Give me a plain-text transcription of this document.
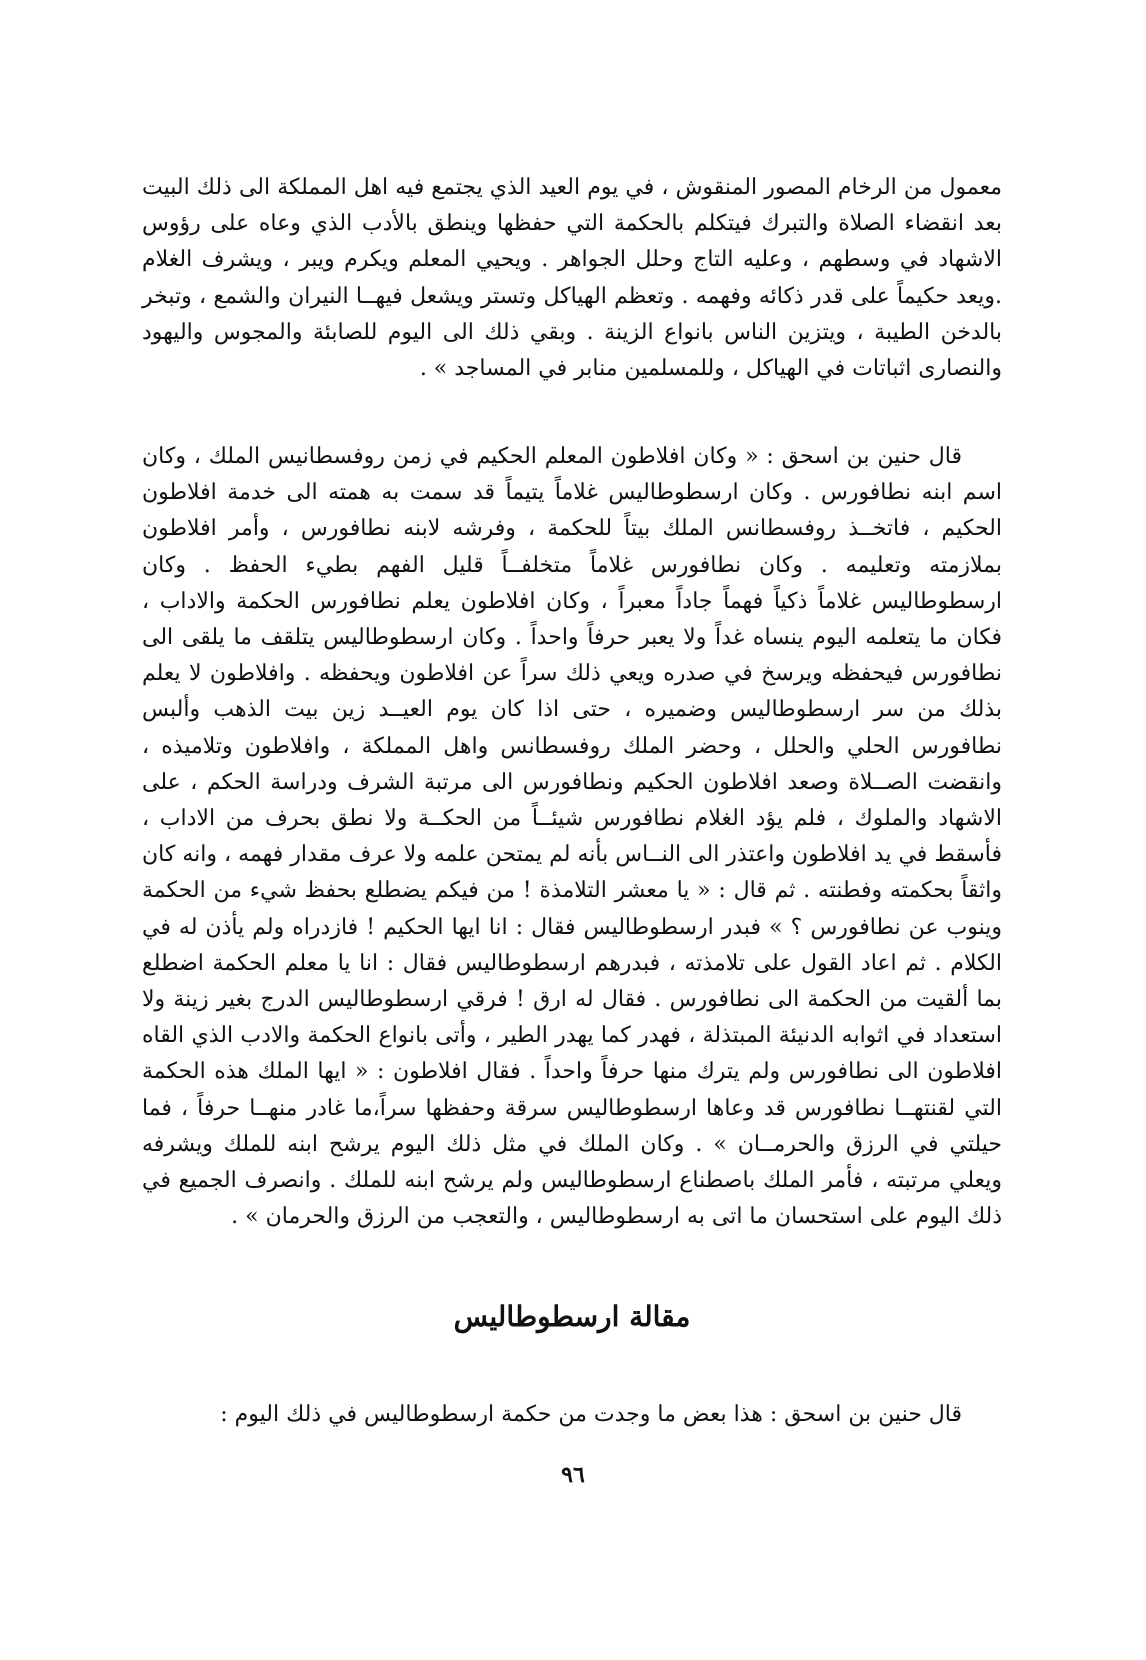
معمول من الرخام المصور المنقوش ، في يوم العيد الذي يجتمع فيه اهل المملكة الى ذلك البيت بعد انقضاء الصلاة والتبرك فيتكلم بالحكمة التي حفظها وينطق بالأدب الذي وعاه على رؤوس الاشهاد في وسطهم ، وعليه التاج وحلل الجواهر . ويحيي المعلم ويكرم ويبر ، ويشرف الغلام .ويعد حكيماً على قدر ذكائه وفهمه . وتعظم الهياكل وتستر ويشعل فيهــا النيران والشمع ، وتبخر بالدخن الطيبة ، ويتزين الناس بانواع الزينة . وبقي ذلك الى اليوم للصابئة والمجوس واليهود والنصارى اثباتات في الهياكل ، وللمسلمين منابر في المساجد » .
قال حنين بن اسحق : « وكان افلاطون المعلم الحكيم في زمن روفسطانيس الملك ، وكان اسم ابنه نطافورس . وكان ارسطوطاليس غلاماً يتيماً قد سمت به همته الى خدمة افلاطون الحكيم ، فاتخــذ روفسطانس الملك بيتاً للحكمة ، وفرشه لابنه نطافورس ، وأمر افلاطون بملازمته وتعليمه . وكان نطافورس غلاماً متخلفــاً قليل الفهم بطيء الحفظ . وكان ارسطوطاليس غلاماً ذكياً فهماً جاداً معبراً ، وكان افلاطون يعلم نطافورس الحكمة والاداب ، فكان ما يتعلمه اليوم ينساه غداً ولا يعبر حرفاً واحداً . وكان ارسطوطاليس يتلقف ما يلقى الى نطافورس فيحفظه ويرسخ في صدره ويعي ذلك سراً عن افلاطون ويحفظه . وافلاطون لا يعلم بذلك من سر ارسطوطاليس وضميره ، حتى اذا كان يوم العيــد زين بيت الذهب وألبس نطافورس الحلي والحلل ، وحضر الملك روفسطانس واهل المملكة ، وافلاطون وتلاميذه ، وانقضت الصــلاة وصعد افلاطون الحكيم ونطافورس الى مرتبة الشرف ودراسة الحكم ، على الاشهاد والملوك ، فلم يؤد الغلام نطافورس شيئــاً من الحكــة ولا نطق بحرف من الاداب ، فأسقط في يد افلاطون واعتذر الى النــاس بأنه لم يمتحن علمه ولا عرف مقدار فهمه ، وانه كان واثقاً بحكمته وفطنته . ثم قال : « يا معشر التلامذة ! من فيكم يضطلع بحفظ شيء من الحكمة وينوب عن نطافورس ؟ » فبدر ارسطوطاليس فقال : انا ايها الحكيم ! فازدراه ولم يأذن له في الكلام . ثم اعاد القول على تلامذته ، فبدرهم ارسطوطاليس فقال : انا يا معلم الحكمة اضطلع بما ألقيت من الحكمة الى نطافورس . فقال له ارق ! فرقي ارسطوطاليس الدرج بغير زينة ولا استعداد في اثوابه الدنيئة المبتذلة ، فهدر كما يهدر الطير ، وأتى بانواع الحكمة والادب الذي القاه افلاطون الى نطافورس ولم يترك منها حرفاً واحداً . فقال افلاطون : « ايها الملك هذه الحكمة التي لقنتهــا نطافورس قد وعاها ارسطوطاليس سرقة وحفظها سراً،ما غادر منهــا حرفاً ، فما حيلتي في الرزق والحرمــان » . وكان الملك في مثل ذلك اليوم يرشح ابنه للملك ويشرفه ويعلي مرتبته ، فأمر الملك باصطناع ارسطوطاليس ولم يرشح ابنه للملك . وانصرف الجميع في ذلك اليوم على استحسان ما اتى به ارسطوطاليس ، والتعجب من الرزق والحرمان » .
مقالة ارسطوطاليس
قال حنين بن اسحق : هذا بعض ما وجدت من حكمة ارسطوطاليس في ذلك اليوم :
٩٦
